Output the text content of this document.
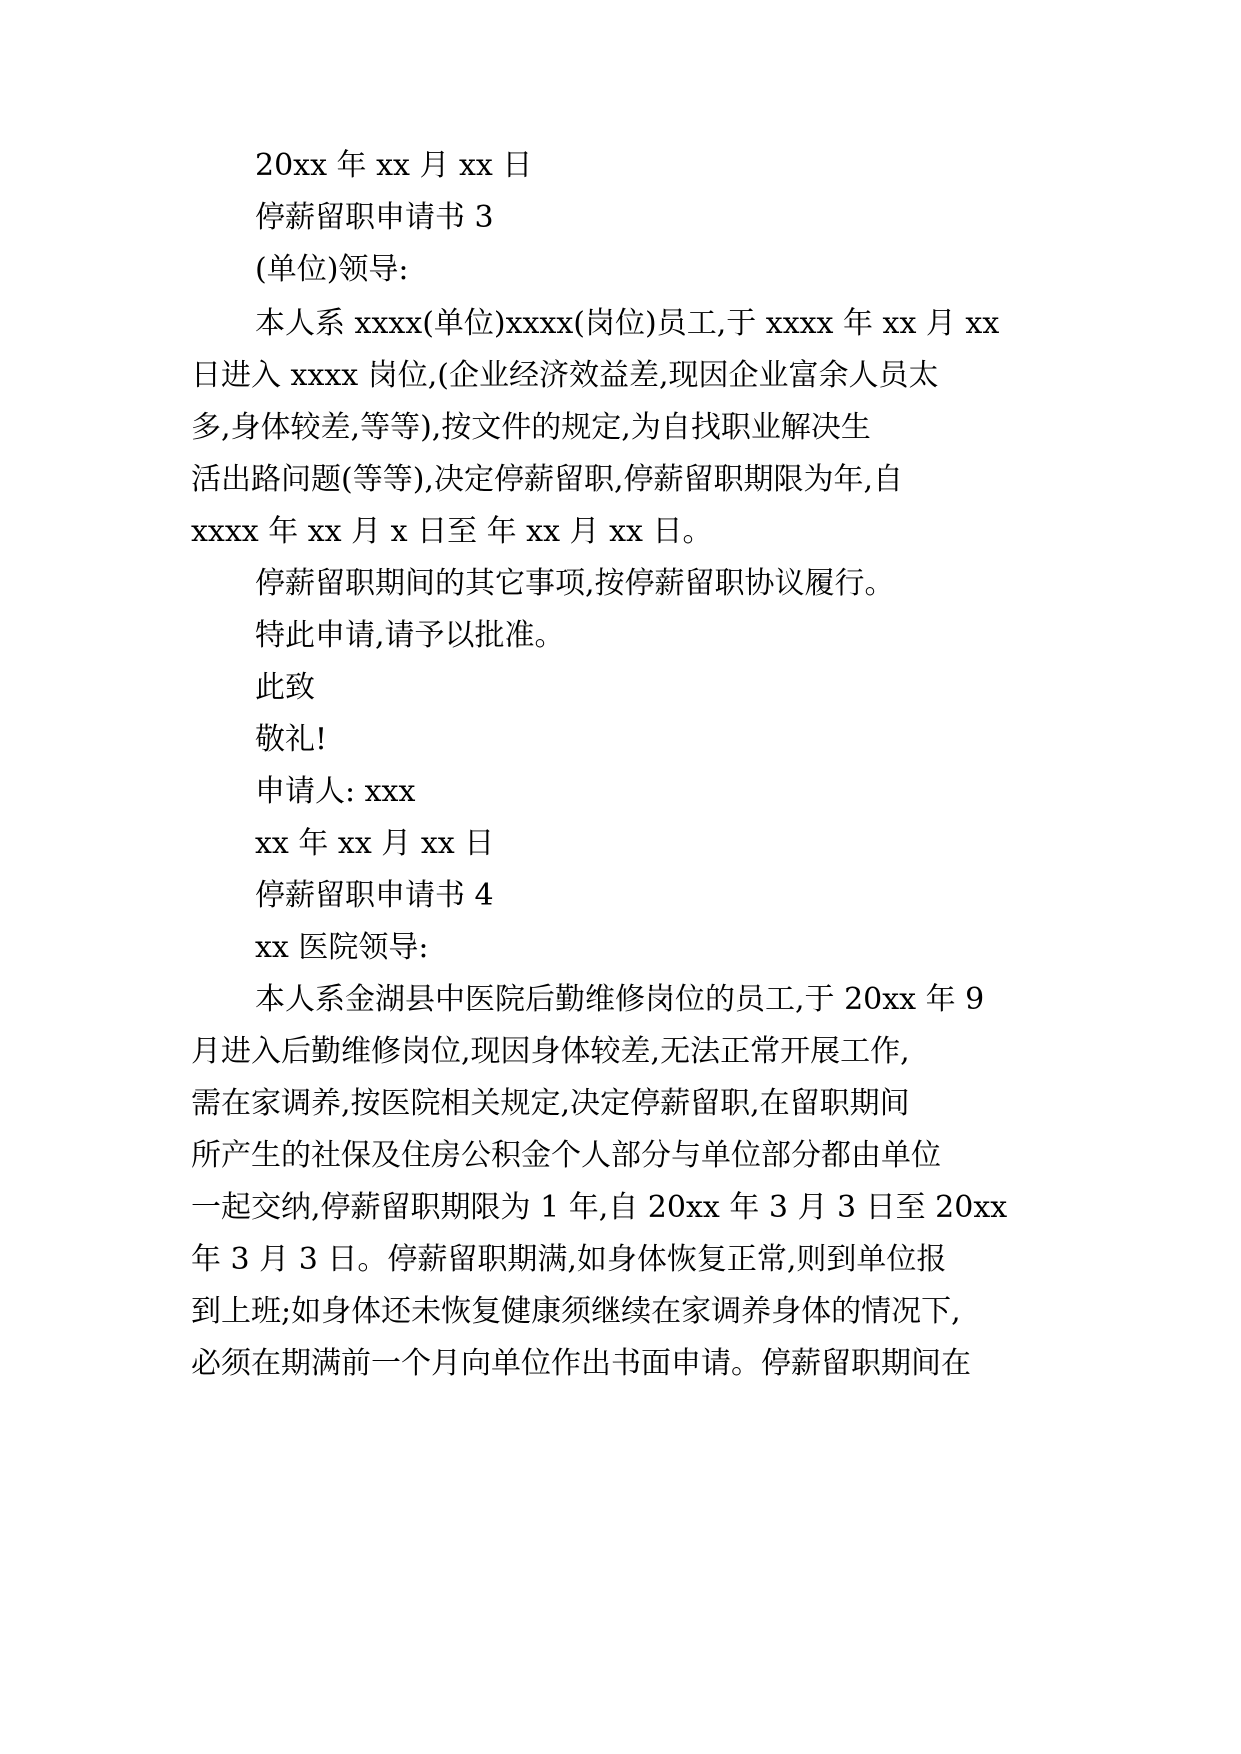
20xx 年 xx 月 xx 日
停薪留职申请书 3
(单位)领导:
本人系 xxxx(单位)xxxx(岗位)员工,于 xxxx 年 xx 月 xx
日进入 xxxx 岗位,(企业经济效益差,现因企业富余人员太
多,身体较差,等等),按文件的规定,为自找职业解决生
活出路问题(等等),决定停薪留职,停薪留职期限为年,自
xxxx 年 xx 月 x 日至 年 xx 月 xx 日。
停薪留职期间的其它事项,按停薪留职协议履行。
特此申请,请予以批准。
此致
敬礼!
申请人: xxx
xx 年 xx 月 xx 日
停薪留职申请书 4
xx 医院领导:
本人系金湖县中医院后勤维修岗位的员工,于 20xx 年 9
月进入后勤维修岗位,现因身体较差,无法正常开展工作,
需在家调养,按医院相关规定,决定停薪留职,在留职期间
所产生的社保及住房公积金个人部分与单位部分都由单位
一起交纳,停薪留职期限为 1 年,自 20xx 年 3 月 3 日至 20xx
年 3 月 3 日。停薪留职期满,如身体恢复正常,则到单位报
到上班;如身体还未恢复健康须继续在家调养身体的情况下,
必须在期满前一个月向单位作出书面申请。停薪留职期间在
